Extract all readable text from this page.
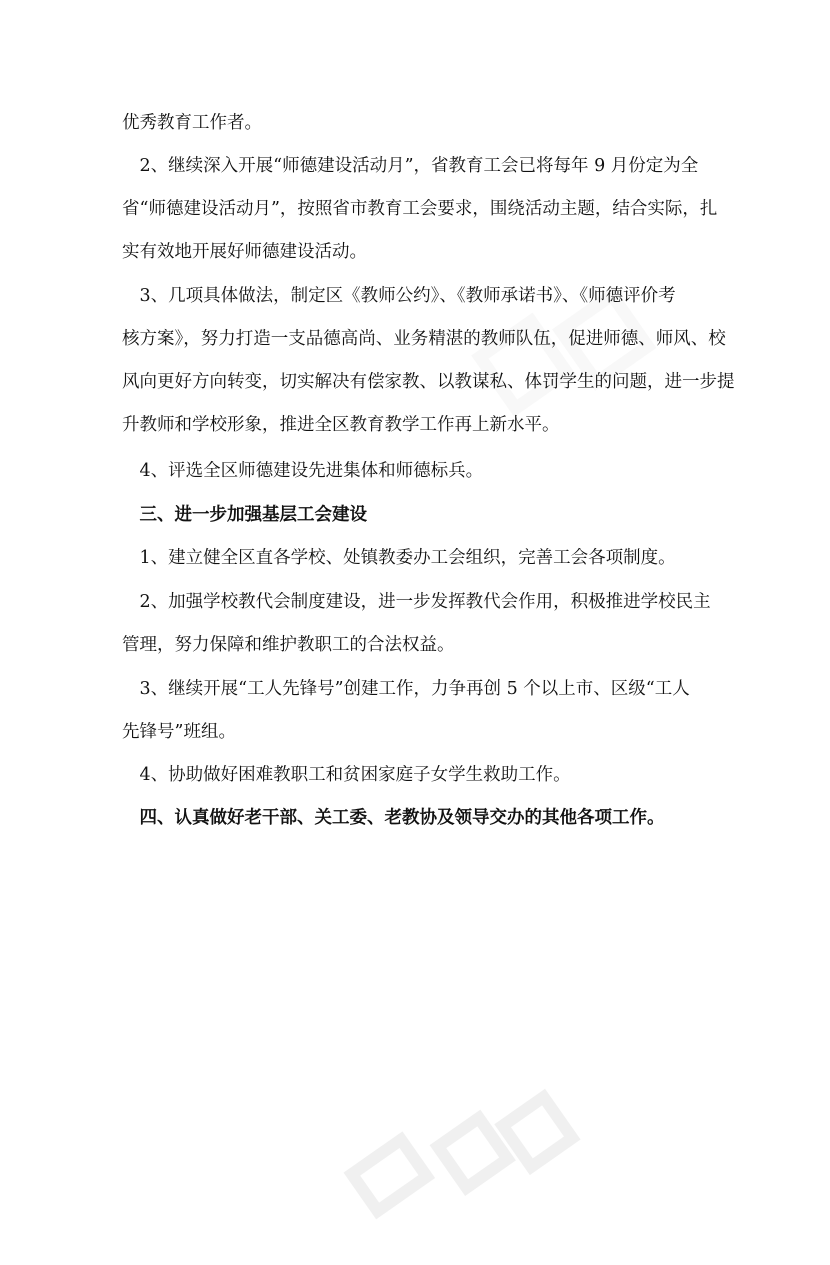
优秀教育工作者。
　2、继续深入开展“师德建设活动月”，省教育工会已将每年 9 月份定为全
省“师德建设活动月”，按照省市教育工会要求，围绕活动主题，结合实际，扎
实有效地开展好师德建设活动。
　3、几项具体做法，制定区《教师公约》、《教师承诺书》、《师德评价考
核方案》，努力打造一支品德高尚、业务精湛的教师队伍，促进师德、师风、校
风向更好方向转变，切实解决有偿家教、以教谋私、体罚学生的问题，进一步提
升教师和学校形象，推进全区教育教学工作再上新水平。
　4、评选全区师德建设先进集体和师德标兵。
　三、进一步加强基层工会建设
　1、建立健全区直各学校、处镇教委办工会组织，完善工会各项制度。
　2、加强学校教代会制度建设，进一步发挥教代会作用，积极推进学校民主
管理，努力保障和维护教职工的合法权益。
　3、继续开展“工人先锋号”创建工作，力争再创 5 个以上市、区级“工人
先锋号”班组。
　4、协助做好困难教职工和贫困家庭子女学生救助工作。
　四、认真做好老干部、关工委、老教协及领导交办的其他各项工作。
